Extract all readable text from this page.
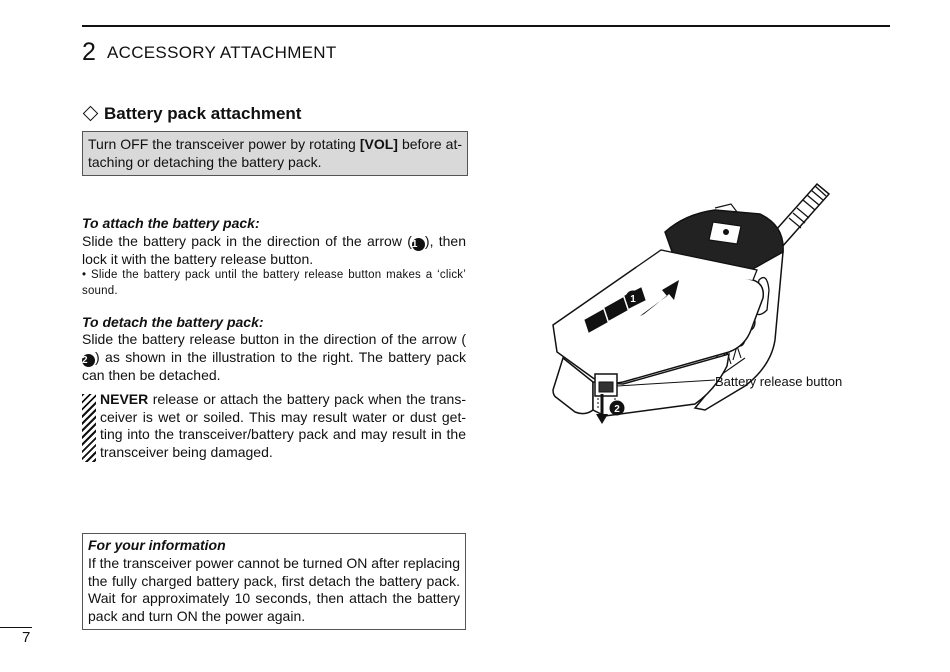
2 ACCESSORY ATTACHMENT
Battery pack attachment
Turn OFF the transceiver power by rotating [VOL] before at-taching or detaching the battery pack.
To attach the battery pack:
Slide the battery pack in the direction of the arrow (1 ), then lock it with the battery release button.
• Slide the battery pack until the battery release button makes a ‘click’ sound.
To detach the battery pack:
Slide the battery release button in the direction of the arrow (2 ) as shown in the illustration to the right. The battery pack can then be detached.
NEVER release or attach the battery pack when the trans-ceiver is wet or soiled. This may result water or dust get-ting into the transceiver/battery pack and may result in the transceiver being damaged.
For your information
If the transceiver power cannot be turned ON after replacing the fully charged battery pack, first detach the battery pack. Wait for approximately 10 seconds, then attach the battery pack and turn ON the power again.
7
1
2
Battery release button
